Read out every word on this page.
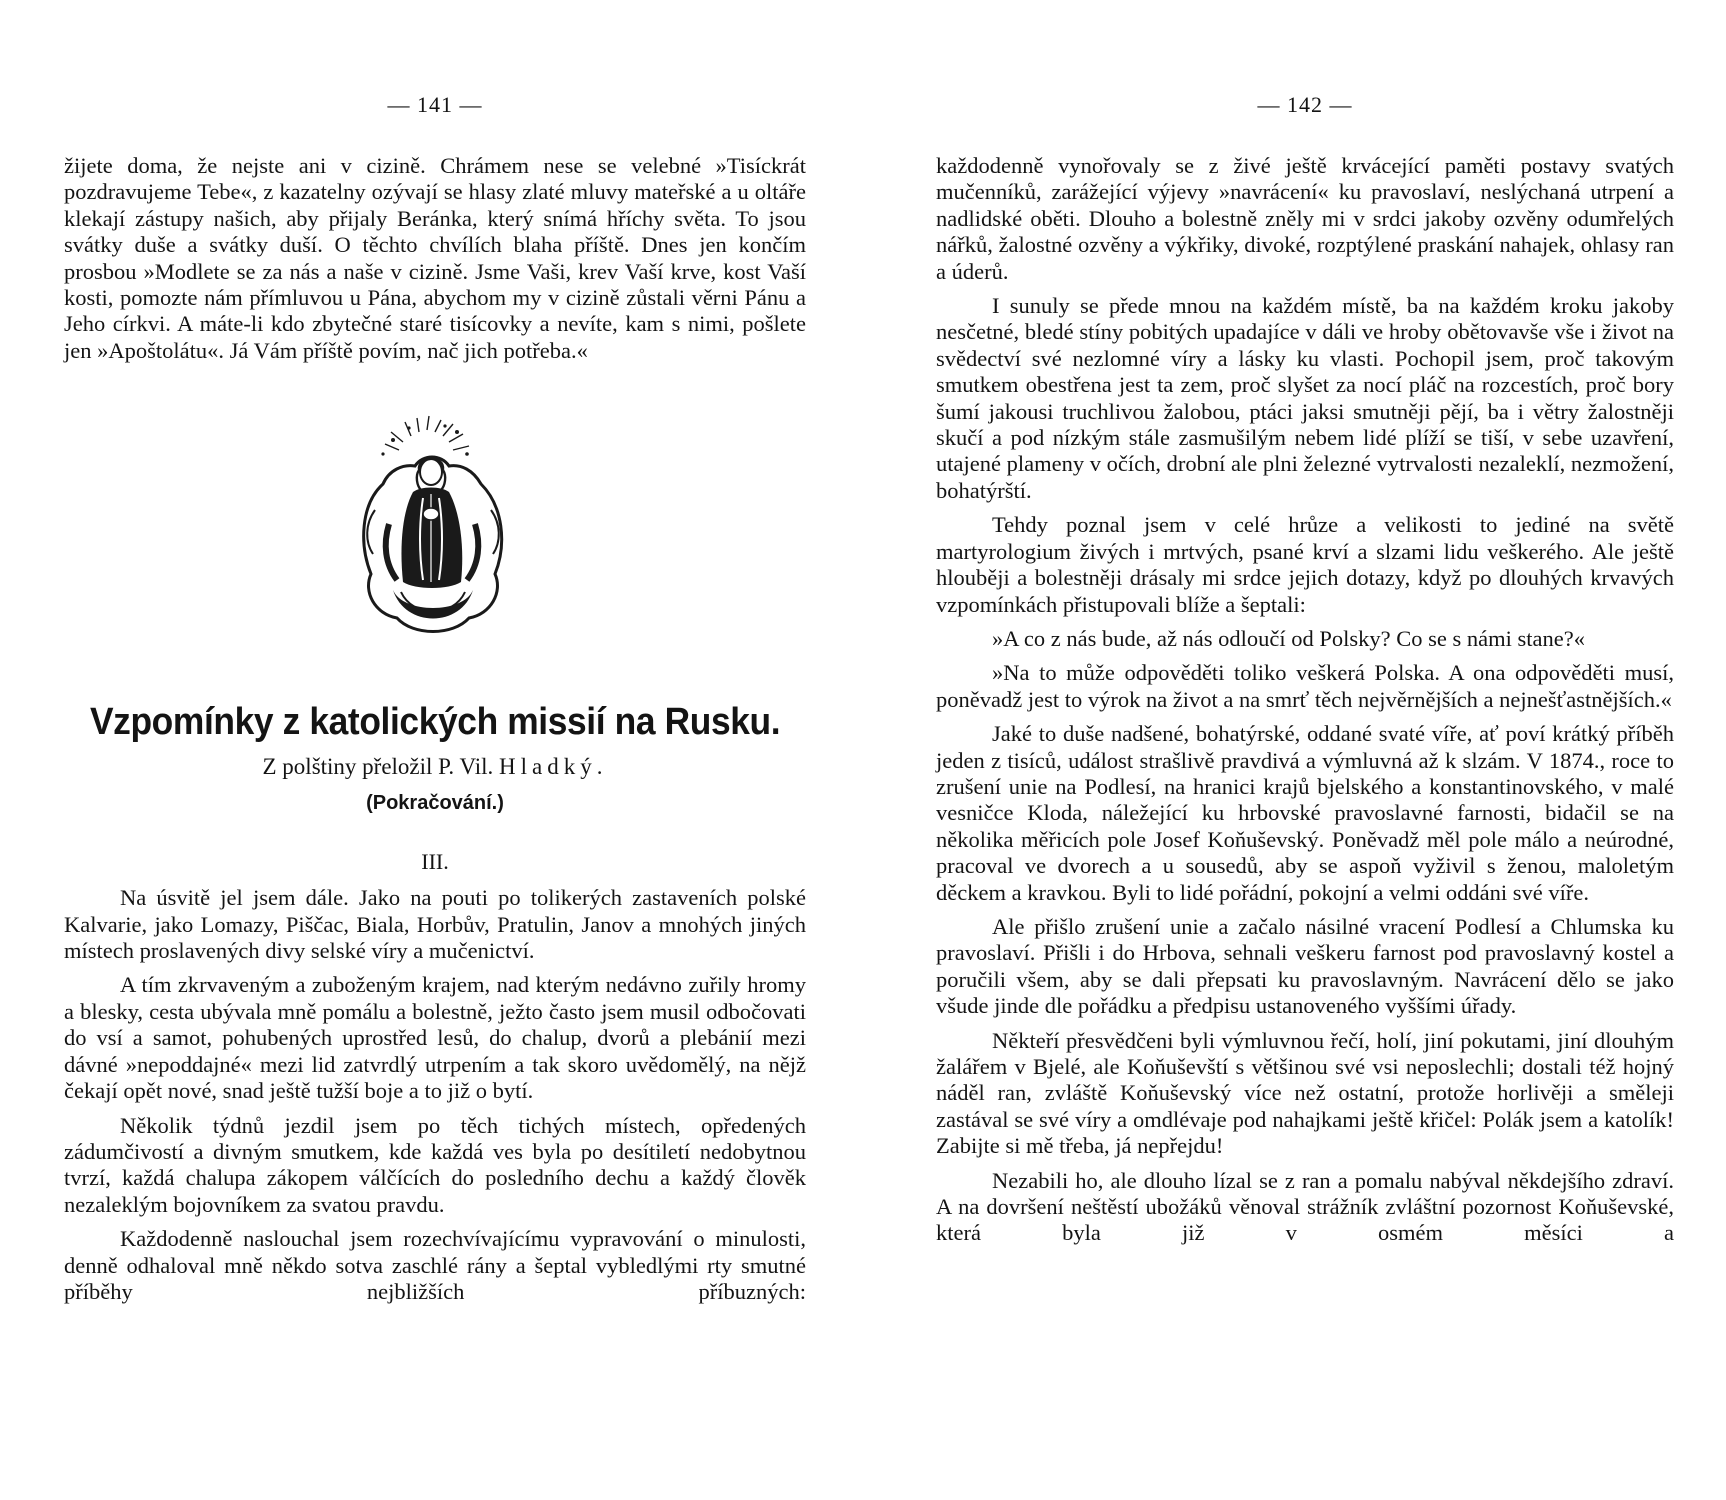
— 141 —

žijete doma, že nejste ani v cizině. Chrámem nese se velebné »Tisíckrát pozdravujeme Tebe«, z kazatelny ozývají se hlasy zlaté mluvy mateřské a u oltáře klekají zástupy našich, aby přijaly Beránka, který snímá hříchy světa. To jsou svátky duše a svátky duší. O těchto chvílích blaha příště. Dnes jen končím prosbou »Modlete se za nás a naše v cizině. Jsme Vaši, krev Vaší krve, kost Vaší kosti, pomozte nám přímluvou u Pána, abychom my v cizině zůstali věrni Pánu a Jeho církvi. A máte-li kdo zbytečné staré tisícovky a nevíte, kam s nimi, pošlete jen »Apoštolátu«. Já Vám příště povím, nač jich potřeba.«

Vzpomínky z katolických missií na Rusku.
Z polštiny přeložil P. Vil. Hladký.
(Pokračování.)
III.

Na úsvitě jel jsem dále. Jako na pouti po tolikerých zastaveních polské Kalvarie, jako Lomazy, Piščac, Biala, Horbův, Pratulin, Janov a mnohých jiných místech proslavených divy selské víry a mučenictví.

A tím zkrvaveným a zuboženým krajem, nad kterým nedávno zuřily hromy a blesky, cesta ubývala mně pomálu a bolestně, ježto často jsem musil odbočovati do vsí a samot, pohubených uprostřed lesů, do chalup, dvorů a plebánií mezi dávné »nepoddajné« mezi lid zatvrdlý utrpením a tak skoro uvědomělý, na nějž čekají opět nové, snad ještě tužší boje a to již o bytí.

Několik týdnů jezdil jsem po těch tichých místech, opředených zádumčivostí a divným smutkem, kde každá ves byla po desítiletí nedobytnou tvrzí, každá chalupa zákopem válčících do posledního dechu a každý člověk nezaleklým bojovníkem za svatou pravdu.

Každodenně naslouchal jsem rozechvívajícímu vypravování o minulosti, denně odhaloval mně někdo sotva zaschlé rány a šeptal vybledlými rty smutné příběhy nejbližších příbuzných:

— 142 —

každodenně vynořovaly se z živé ještě krvácející paměti postavy svatých mučenníků, zarážející výjevy »navrácení« ku pravoslaví, neslýchaná utrpení a nadlidské oběti. Dlouho a bolestně zněly mi v srdci jakoby ozvěny odumřelých nářků, žalostné ozvěny a výkřiky, divoké, rozptýlené praskání nahajek, ohlasy ran a úderů.

I sunuly se přede mnou na každém místě, ba na každém kroku jakoby nesčetné, bledé stíny pobitých upadajíce v dáli ve hroby obětovavše vše i život na svědectví své nezlomné víry a lásky ku vlasti. Pochopil jsem, proč takovým smutkem obestřena jest ta zem, proč slyšet za nocí pláč na rozcestích, proč bory šumí jakousi truchlivou žalobou, ptáci jaksi smutněji pějí, ba i větry žalostněji skučí a pod nízkým stále zasmušilým nebem lidé plíží se tiší, v sebe uzavření, utajené plameny v očích, drobní ale plni železné vytrvalosti nezaleklí, nezmožení, bohatýrští.

Tehdy poznal jsem v celé hrůze a velikosti to jediné na světě martyrologium živých i mrtvých, psané krví a slzami lidu veškerého. Ale ještě hlouběji a bolestněji drásaly mi srdce jejich dotazy, když po dlouhých krvavých vzpomínkách přistupovali blíže a šeptali:

»A co z nás bude, až nás odloučí od Polsky? Co se s námi stane?«

»Na to může odpověděti toliko veškerá Polska. A ona odpověděti musí, poněvadž jest to výrok na život a na smrť těch nejvěrnějších a nejnešťastnějších.«

Jaké to duše nadšené, bohatýrské, oddané svaté víře, ať poví krátký příběh jeden z tisíců, událost strašlivě pravdivá a výmluvná až k slzám. V 1874., roce to zrušení unie na Podlesí, na hranici krajů bjelského a konstantinovského, v malé vesničce Kloda, náležející ku hrbovské pravoslavné farnosti, bidačil se na několika měřicích pole Josef Koňuševský. Poněvadž měl pole málo a neúrodné, pracoval ve dvorech a u sousedů, aby se aspoň vyživil s ženou, maloletým děckem a kravkou. Byli to lidé pořádní, pokojní a velmi oddáni své víře.

Ale přišlo zrušení unie a začalo násilné vracení Podlesí a Chlumska ku pravoslaví. Přišli i do Hrbova, sehnali veškeru farnost pod pravoslavný kostel a poručili všem, aby se dali přepsati ku pravoslavným. Navrácení dělo se jako všude jinde dle pořádku a předpisu ustanoveného vyššími úřady.

Někteří přesvědčeni byli výmluvnou řečí, holí, jiní pokutami, jiní dlouhým žalářem v Bjelé, ale Koňuševští s většinou své vsi neposlechli; dostali též hojný náděl ran, zvláště Koňuševský více než ostatní, protože horlivěji a směleji zastával se své víry a omdlévaje pod nahajkami ještě křičel: Polák jsem a katolík! Zabijte si mě třeba, já nepřejdu!

Nezabili ho, ale dlouho lízal se z ran a pomalu nabýval někdejšího zdraví. A na dovršení neštěstí ubožáků věnoval strážník zvláštní pozornost Koňuševské, která byla již v osmém měsíci a
